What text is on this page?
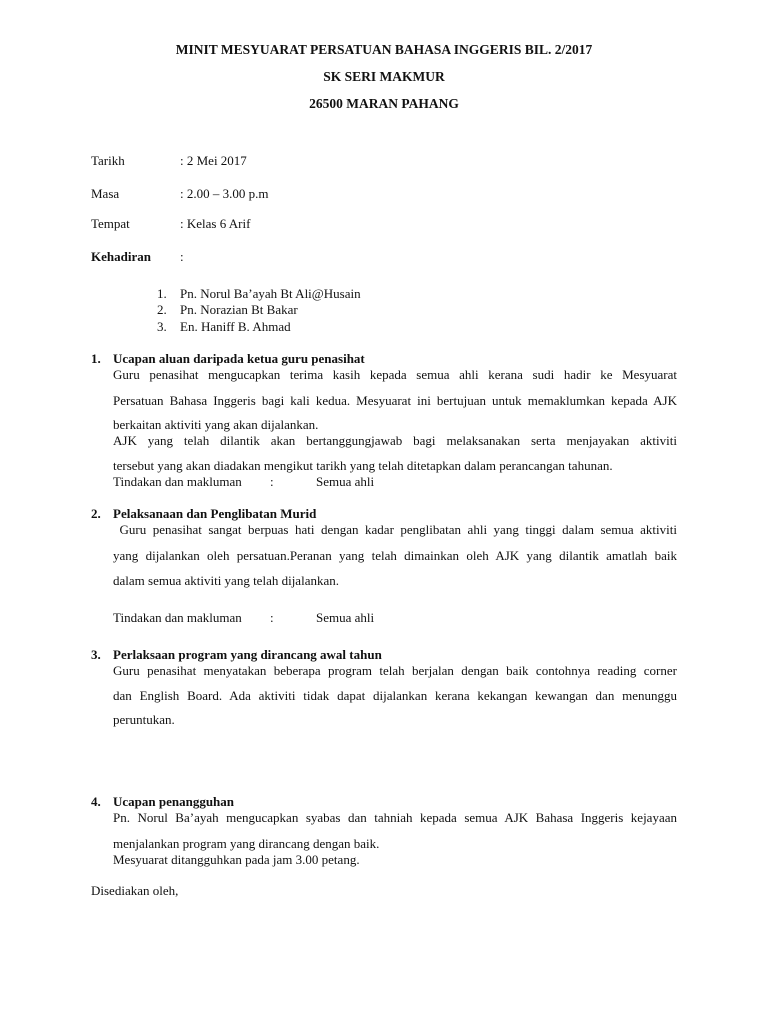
MINIT MESYUARAT PERSATUAN BAHASA INGGERIS BIL. 2/2017
SK SERI MAKMUR
26500 MARAN PAHANG
Tarikh	: 2 Mei 2017
Masa	: 2.00 – 3.00 p.m
Tempat	: Kelas 6 Arif
Kehadiran :
1. Pn. Norul Ba’ayah Bt Ali@Husain
2. Pn. Norazian Bt Bakar
3. En. Haniff B. Ahmad
1. Ucapan aluan daripada ketua guru penasihat
Guru penasihat mengucapkan terima kasih kepada semua ahli kerana sudi hadir ke Mesyuarat
Persatuan Bahasa Inggeris bagi kali kedua. Mesyuarat ini bertujuan untuk memaklumkan kepada AJK
berkaitan aktiviti yang akan dijalankan.
AJK yang telah dilantik akan bertanggungjawab bagi melaksanakan serta menjayakan aktiviti
tersebut yang akan diadakan mengikut tarikh yang telah ditetapkan dalam perancangan tahunan.
Tindakan dan makluman :	Semua ahli
2. Pelaksanaan dan Penglibatan Murid
Guru penasihat sangat berpuas hati dengan kadar penglibatan ahli yang tinggi dalam semua aktiviti
yang dijalankan oleh persatuan.Peranan yang telah dimainkan oleh AJK yang dilantik amatlah baik
dalam semua aktiviti yang telah dijalankan.
Tindakan dan makluman :	Semua ahli
3. Perlaksaan program yang dirancang awal tahun
Guru penasihat menyatakan beberapa program telah berjalan dengan baik contohnya reading corner
dan English Board. Ada aktiviti tidak dapat dijalankan kerana kekangan kewangan dan menunggu
peruntukan.
4. Ucapan penangguhan
Pn. Norul Ba’ayah mengucapkan syabas dan tahniah kepada semua AJK Bahasa Inggeris kejayaan
menjalankan program yang dirancang dengan baik.
Mesyuarat ditangguhkan pada jam 3.00 petang.
Disediakan oleh,
